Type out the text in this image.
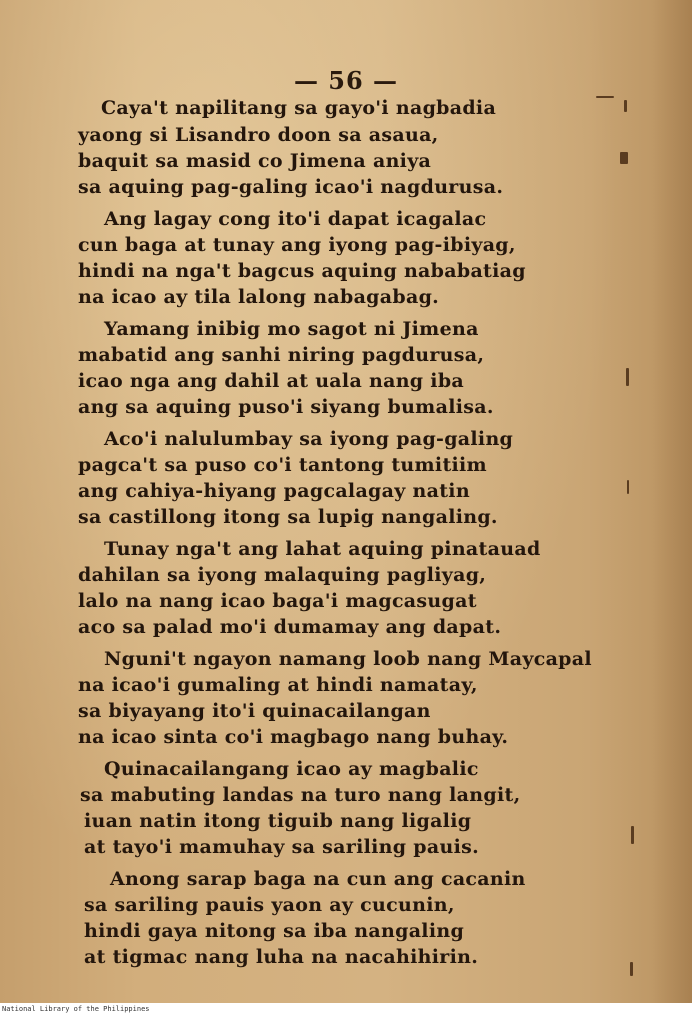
— 56 —
Caya't napilitang sa gayo'i nagbadia
yaong si Lisandro doon sa asaua,
baquit sa masid co Jimena aniya
sa aquing pag-galing icao'i nagdurusa.
Ang lagay cong ito'i dapat icagalac
cun baga at tunay ang iyong pag-ibiyag,
hindi na nga't bagcus aquing nababatiag
na icao ay tila lalong nabagabag.
Yamang inibig mo sagot ni Jimena
mabatid ang sanhi niring pagdurusa,
icao nga ang dahil at uala nang iba
ang sa aquing puso'i siyang bumalisa.
Aco'i nalulumbay sa iyong pag-galing
pagca't sa puso co'i tantong tumitiim
ang cahiya-hiyang pagcalagay natin
sa castillong itong sa lupig nangaling.
Tunay nga't ang lahat aquing pinatauad
dahilan sa iyong malaquing pagliyag,
lalo na nang icao baga'i magcasugat
aco sa palad mo'i dumamay ang dapat.
Nguni't ngayon namang loob nang Maycapal
na icao'i gumaling at hindi namatay,
sa biyayang ito'i quinacailangan
na icao sinta co'i magbago nang buhay.
Quinacailangang icao ay magbalic
sa mabuting landas na turo nang langit,
iuan natin itong tiguib nang ligalig
at tayo'i mamuhay sa sariling pauis.
Anong sarap baga na cun ang cacanin
sa sariling pauis yaon ay cucunin,
hindi gaya nitong sa iba nangaling
at tigmac nang luha na nacahihirin.
National Library of the Philippines
